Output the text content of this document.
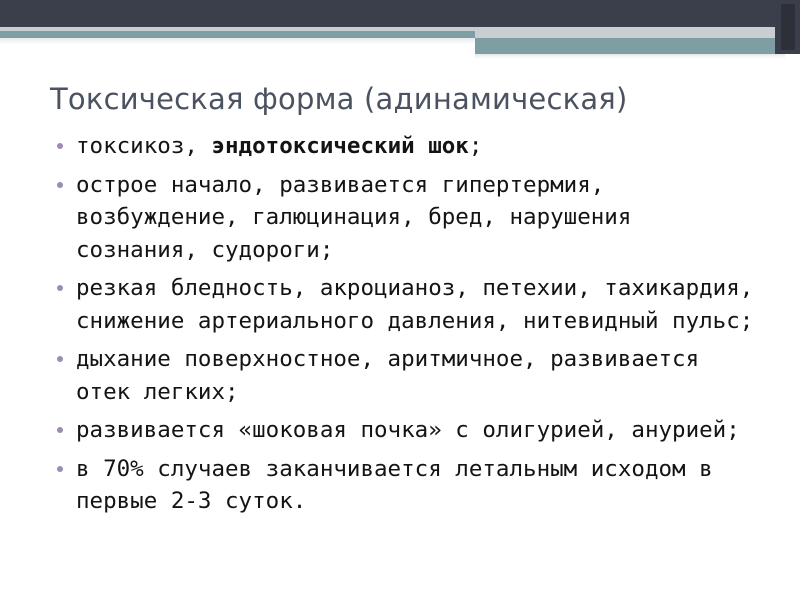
Токсическая форма (адинамическая)
токсикоз, эндотоксический шок;
острое начало, развивается гипертермия, возбуждение, галюцинация, бред, нарушения сознания, судороги;
резкая бледность, акроцианоз, петехии, тахикардия, снижение артериального давления, нитевидный пульс;
дыхание поверхностное, аритмичное, развивается отек легких;
развивается «шоковая почка» с олигурией, анурией;
в 70% случаев заканчивается летальным исходом в первые 2-3 суток.
